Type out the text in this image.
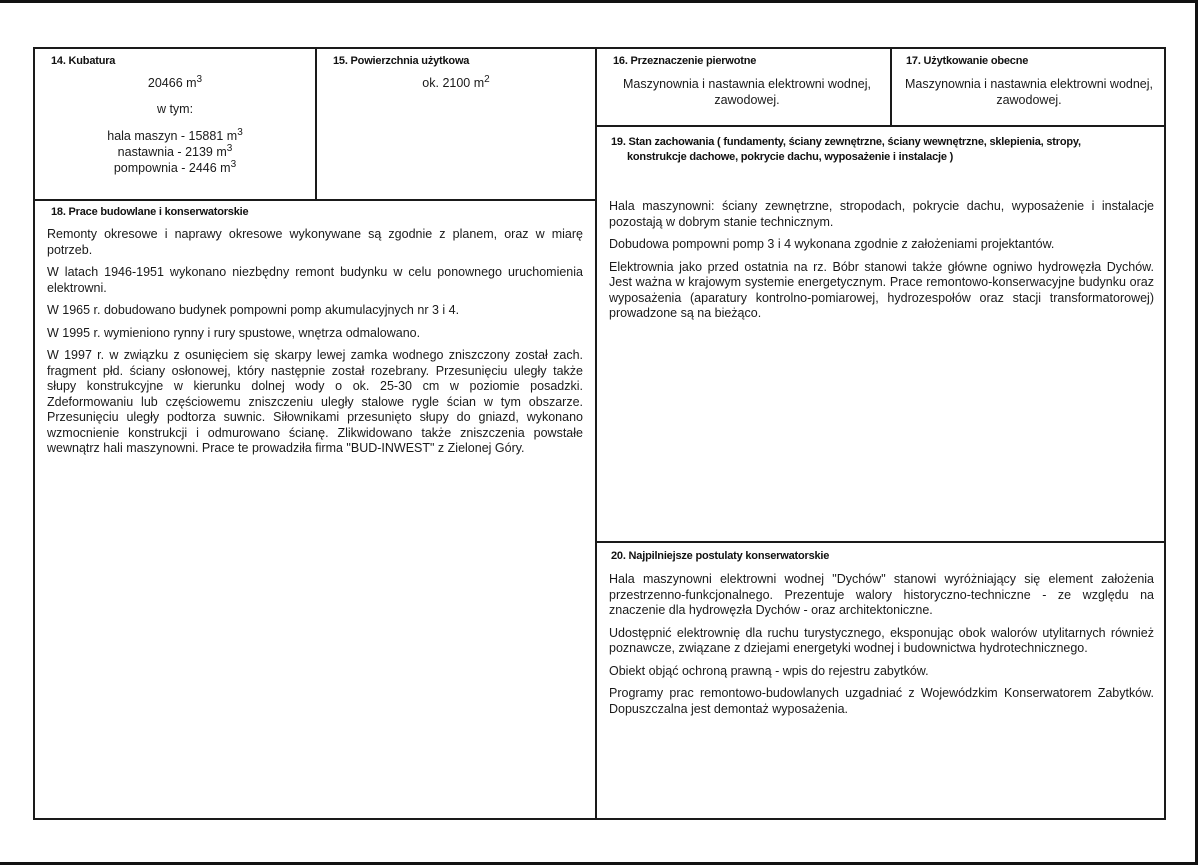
14. Kubatura
20466 $m^3$
w tym:
hala maszyn - 15881 $m^3$
nastawnia - 2139 $m^3$
pompownia - 2446 $m^3$
15. Powierzchnia użytkowa
ok. 2100 $m^2$
16. Przeznaczenie pierwotne
Maszynownia i nastawnia elektrowni wodnej, zawodowej.
17. Użytkowanie obecne
Maszynownia i nastawnia elektrowni wodnej, zawodowej.
18. Prace budowlane i konserwatorskie

Remonty okresowe i naprawy okresowe wykonywane są zgodnie z planem, oraz w miarę potrzeb.

W latach 1946-1951 wykonano niezbędny remont budynku w celu ponownego uruchomienia elektrowni.

W 1965 r. dobudowano budynek pompowni pomp akumulacyjnych nr 3 i 4.

W 1995 r. wymieniono rynny i rury spustowe, wnętrza odmalowano.

W 1997 r. w związku z osunięciem się skarpy lewej zamka wodnego zniszczony został zach. fragment płd. ściany osłonowej, który następnie został rozebrany. Przesunięciu uległy także słupy konstrukcyjne w kierunku dolnej wody o ok. 25-30 cm w poziomie posadzki. Zdeformowaniu lub częściowemu zniszczeniu uległy stalowe rygle ścian w tym obszarze. Przesunięciu uległy podtorza suwnic. Siłownikami przesunięto słupy do gniazd, wykonano wzmocnienie konstrukcji i odmurowano ścianę. Zlikwidowano także zniszczenia powstałe wewnątrz hali maszynowni. Prace te prowadziła firma "BUD-INWEST" z Zielonej Góry.

19. Stan zachowania ( fundamenty, ściany zewnętrzne, ściany wewnętrzne, sklepienia, stropy,
konstrukcje dachowe, pokrycie dachu, wyposażenie i instalacje )

Hala maszynowni: ściany zewnętrzne, stropodach, pokrycie dachu, wyposażenie i instalacje pozostają w dobrym stanie technicznym.

Dobudowa pompowni pomp 3 i 4 wykonana zgodnie z założeniami projektantów.

Elektrownia jako przed ostatnia na rz. Bóbr stanowi także główne ogniwo hydrowęzła Dychów. Jest ważna w krajowym systemie energetycznym. Prace remontowo-konserwacyjne budynku oraz wyposażenia (aparatury kontrolno-pomiarowej, hydrozespołów oraz stacji transformatorowej) prowadzone są na bieżąco.

20. Najpilniejsze postulaty konserwatorskie

Hala maszynowni elektrowni wodnej "Dychów" stanowi wyróżniający się element założenia przestrzenno-funkcjonalnego. Prezentuje walory historyczno-techniczne - ze względu na znaczenie dla hydrowęzła Dychów - oraz architektoniczne.

Udostępnić elektrownię dla ruchu turystycznego, eksponując obok walorów utylitarnych również poznawcze, związane z dziejami energetyki wodnej i budownictwa hydrotechnicznego.

Obiekt objąć ochroną prawną - wpis do rejestru zabytków.

Programy prac remontowo-budowlanych uzgadniać z Wojewódzkim Konserwatorem Zabytków. Dopuszczalna jest demontaż wyposażenia.
